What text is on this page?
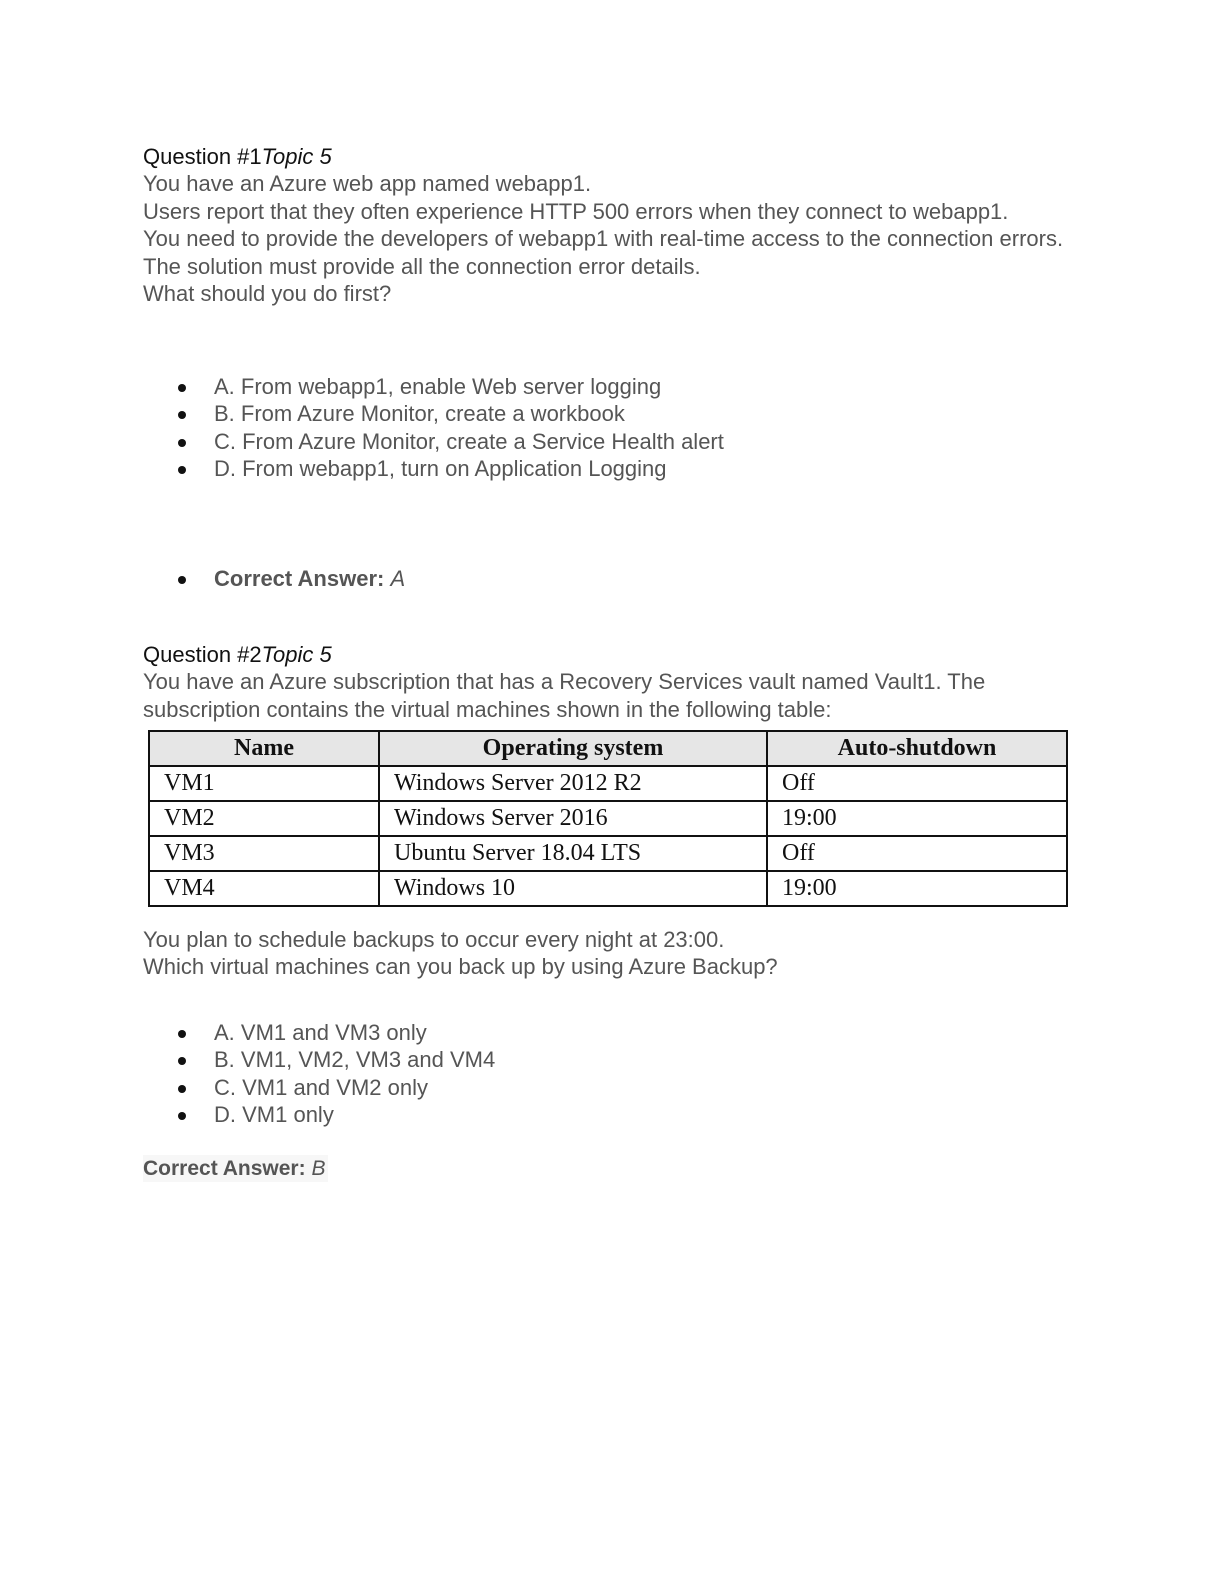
Question #1Topic 5
You have an Azure web app named webapp1.
Users report that they often experience HTTP 500 errors when they connect to webapp1.
You need to provide the developers of webapp1 with real-time access to the connection errors. The solution must provide all the connection error details.
What should you do first?
A. From webapp1, enable Web server logging
B. From Azure Monitor, create a workbook
C. From Azure Monitor, create a Service Health alert
D. From webapp1, turn on Application Logging
Correct Answer: A
Question #2Topic 5
You have an Azure subscription that has a Recovery Services vault named Vault1. The subscription contains the virtual machines shown in the following table:
Name	Operating system	Auto-shutdown
VM1	Windows Server 2012 R2	Off
VM2	Windows Server 2016	19:00
VM3	Ubuntu Server 18.04 LTS	Off
VM4	Windows 10	19:00
You plan to schedule backups to occur every night at 23:00.
Which virtual machines can you back up by using Azure Backup?
A. VM1 and VM3 only
B. VM1, VM2, VM3 and VM4
C. VM1 and VM2 only
D. VM1 only
Correct Answer: B
